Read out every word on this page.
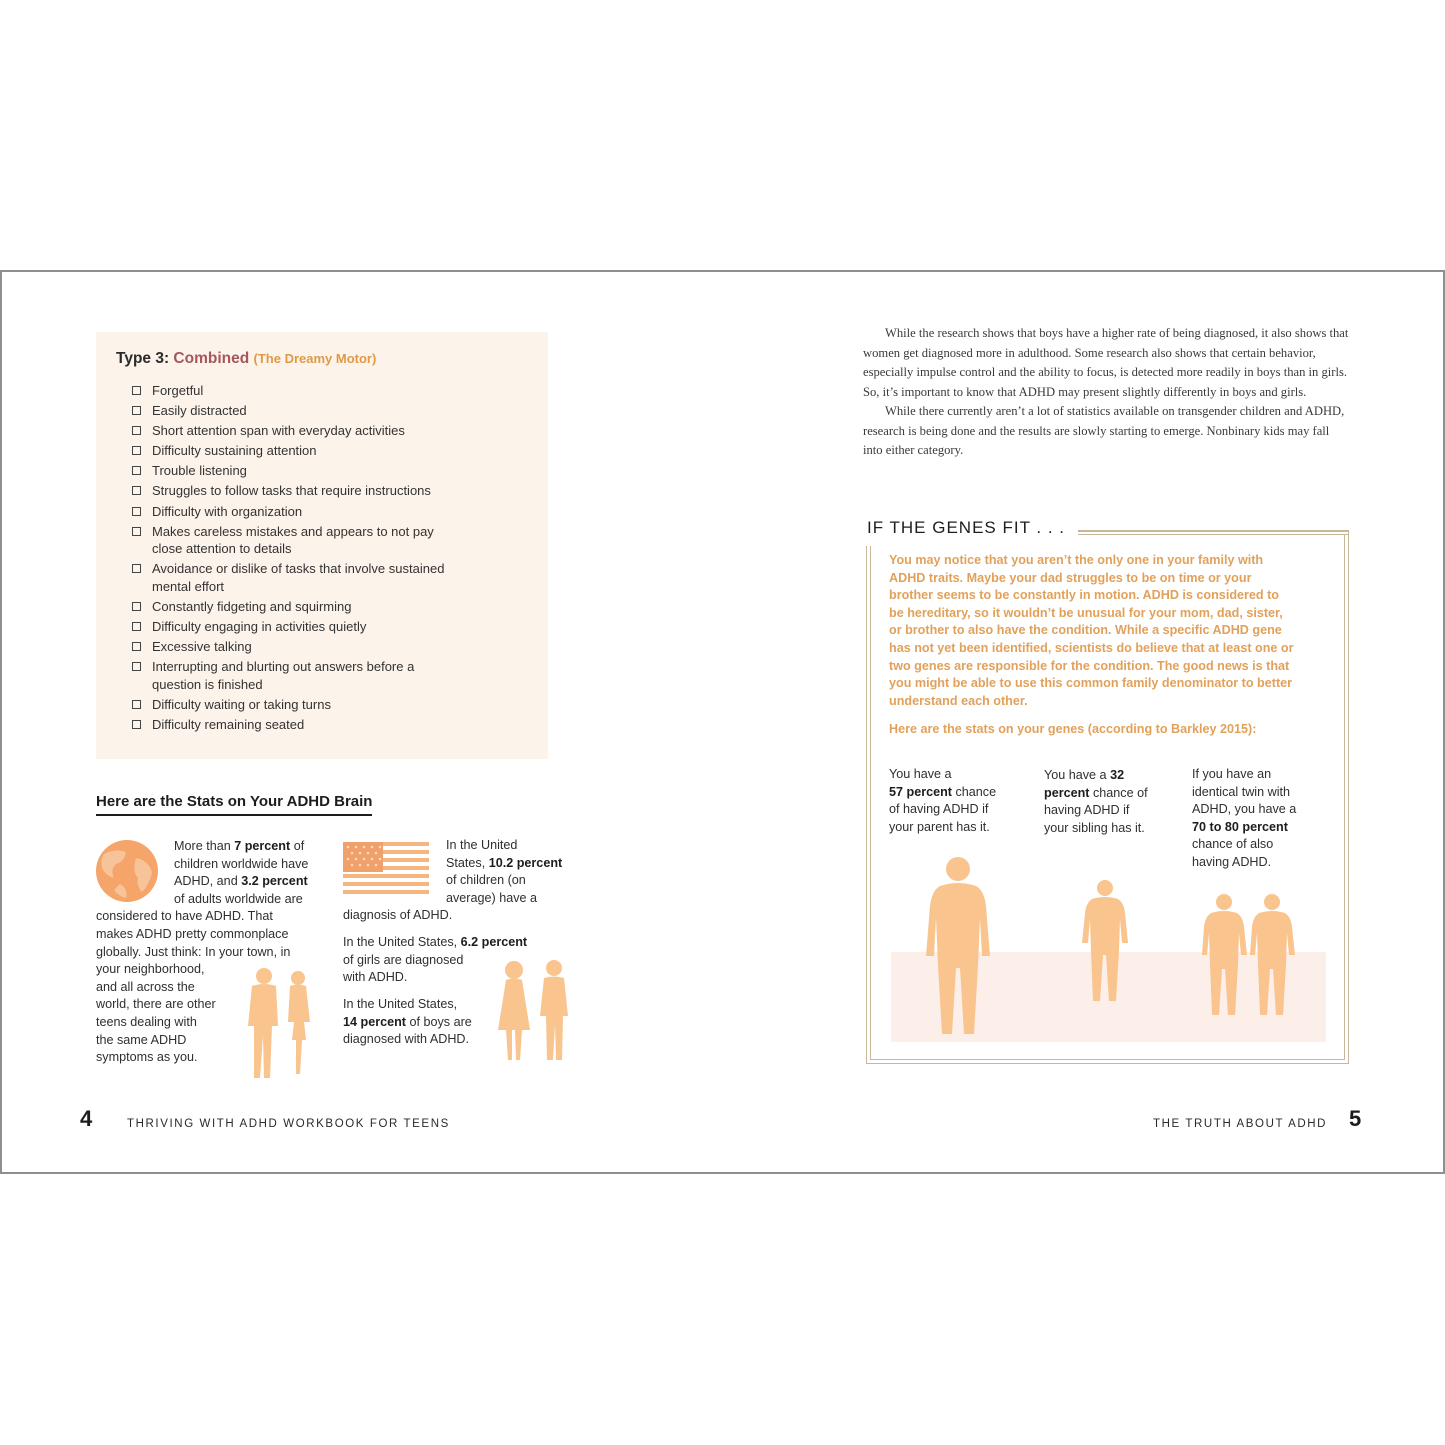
Type 3: Combined (The Dreamy Motor)
Forgetful
Easily distracted
Short attention span with everyday activities
Difficulty sustaining attention
Trouble listening
Struggles to follow tasks that require instructions
Difficulty with organization
Makes careless mistakes and appears to not pay close attention to details
Avoidance or dislike of tasks that involve sustained mental effort
Constantly fidgeting and squirming
Difficulty engaging in activities quietly
Excessive talking
Interrupting and blurting out answers before a question is finished
Difficulty waiting or taking turns
Difficulty remaining seated
Here are the Stats on Your ADHD Brain
More than 7 percent of
children worldwide have
ADHD, and 3.2 percent
of adults worldwide are
considered to have ADHD. That
makes ADHD pretty commonplace
globally. Just think: In your town, in
your neighborhood,
and all across the
world, there are other
teens dealing with
the same ADHD
symptoms as you.
In the United
States, 10.2 percent
of children (on
average) have a
diagnosis of ADHD.
In the United States, 6.2 percent
of girls are diagnosed
with ADHD.
In the United States,
14 percent of boys are
diagnosed with ADHD.
4	THRIVING WITH ADHD WORKBOOK FOR TEENS

While the research shows that boys have a higher rate of being diagnosed, it also shows that women get diagnosed more in adulthood. Some research also shows that certain behavior, especially impulse control and the ability to focus, is detected more readily in boys than in girls. So, it’s important to know that ADHD may present slightly differently in boys and girls.

While there currently aren’t a lot of statistics available on transgender children and ADHD, research is being done and the results are slowly starting to emerge. Nonbinary kids may fall into either category.

IF THE GENES FIT . . .
You may notice that you aren’t the only one in your family with ADHD traits. Maybe your dad struggles to be on time or your brother seems to be constantly in motion. ADHD is considered to be hereditary, so it wouldn’t be unusual for your mom, dad, sister, or brother to also have the condition. While a specific ADHD gene has not yet been identified, scientists do believe that at least one or two genes are responsible for the condition. The good news is that you might be able to use this common family denominator to better understand each other.
Here are the stats on your genes (according to Barkley 2015):
You have a
57 percent chance
of having ADHD if
your parent has it.
You have a 32
percent chance of
having ADHD if
your sibling has it.
If you have an
identical twin with
ADHD, you have a
70 to 80 percent
chance of also
having ADHD.
THE TRUTH ABOUT ADHD 5
